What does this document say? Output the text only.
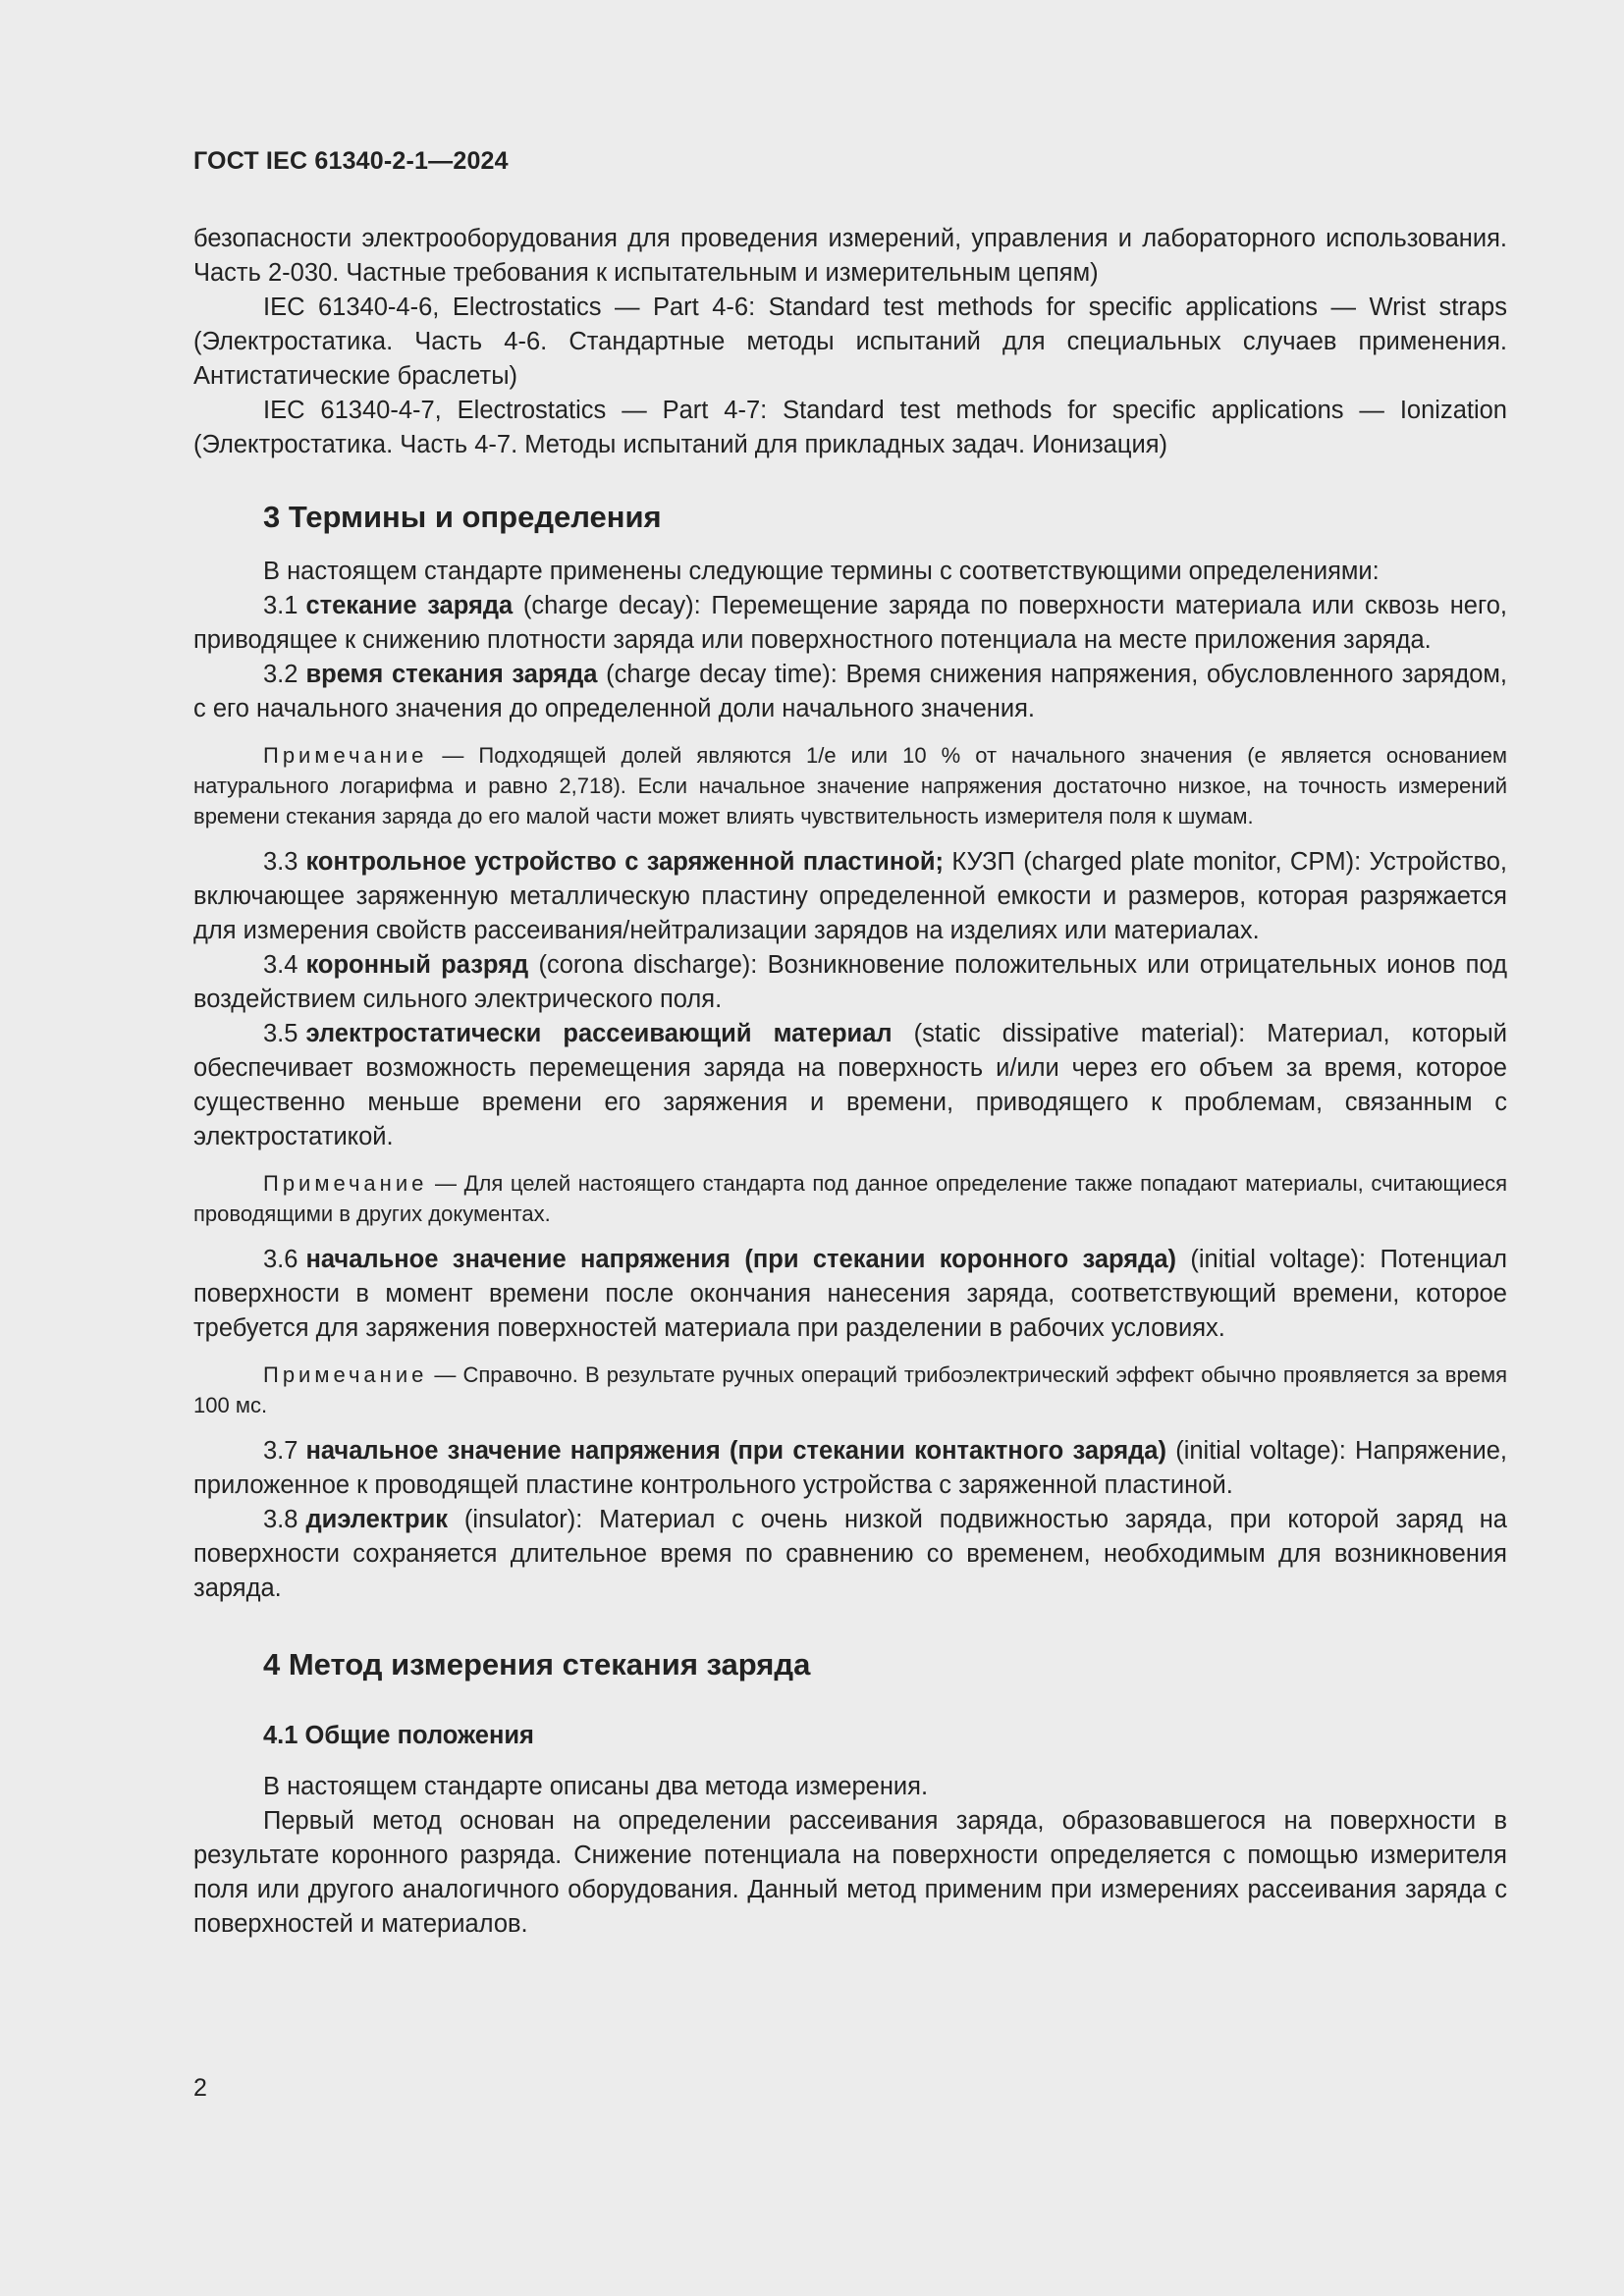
ГОСТ IEC 61340-2-1—2024

безопасности электрооборудования для проведения измерений, управления и лабораторного использования. Часть 2-030. Частные требования к испытательным и измерительным цепям)

IEC 61340-4-6, Electrostatics — Part 4-6: Standard test methods for specific applications — Wrist straps (Электростатика. Часть 4-6. Стандартные методы испытаний для специальных случаев применения. Антистатические браслеты)

IEC 61340-4-7, Electrostatics — Part 4-7: Standard test methods for specific applications — Ionization (Электростатика. Часть 4-7. Методы испытаний для прикладных задач. Ионизация)

3 Термины и определения

В настоящем стандарте применены следующие термины с соответствующими определениями:

3.1 стекание заряда (charge decay): Перемещение заряда по поверхности материала или сквозь него, приводящее к снижению плотности заряда или поверхностного потенциала на месте приложения заряда.

3.2 время стекания заряда (charge decay time): Время снижения напряжения, обусловленного зарядом, с его начального значения до определенной доли начального значения.

Примечание — Подходящей долей являются 1/e или 10 % от начального значения (e является основанием натурального логарифма и равно 2,718). Если начальное значение напряжения достаточно низкое, на точность измерений времени стекания заряда до его малой части может влиять чувствительность измерителя поля к шумам.

3.3 контрольное устройство с заряженной пластиной; КУЗП (charged plate monitor, CPM): Устройство, включающее заряженную металлическую пластину определенной емкости и размеров, которая разряжается для измерения свойств рассеивания/нейтрализации зарядов на изделиях или материалах.

3.4 коронный разряд (corona discharge): Возникновение положительных или отрицательных ионов под воздействием сильного электрического поля.

3.5 электростатически рассеивающий материал (static dissipative material): Материал, который обеспечивает возможность перемещения заряда на поверхность и/или через его объем за время, которое существенно меньше времени его заряжения и времени, приводящего к проблемам, связанным с электростатикой.

Примечание — Для целей настоящего стандарта под данное определение также попадают материалы, считающиеся проводящими в других документах.

3.6 начальное значение напряжения (при стекании коронного заряда) (initial voltage): Потенциал поверхности в момент времени после окончания нанесения заряда, соответствующий времени, которое требуется для заряжения поверхностей материала при разделении в рабочих условиях.

Примечание — Справочно. В результате ручных операций трибоэлектрический эффект обычно проявляется за время 100 мс.

3.7 начальное значение напряжения (при стекании контактного заряда) (initial voltage): Напряжение, приложенное к проводящей пластине контрольного устройства с заряженной пластиной.

3.8 диэлектрик (insulator): Материал с очень низкой подвижностью заряда, при которой заряд на поверхности сохраняется длительное время по сравнению со временем, необходимым для возникновения заряда.

4 Метод измерения стекания заряда
4.1 Общие положения

В настоящем стандарте описаны два метода измерения.

Первый метод основан на определении рассеивания заряда, образовавшегося на поверхности в результате коронного разряда. Снижение потенциала на поверхности определяется с помощью измерителя поля или другого аналогичного оборудования. Данный метод применим при измерениях рассеивания заряда с поверхностей и материалов.

2
